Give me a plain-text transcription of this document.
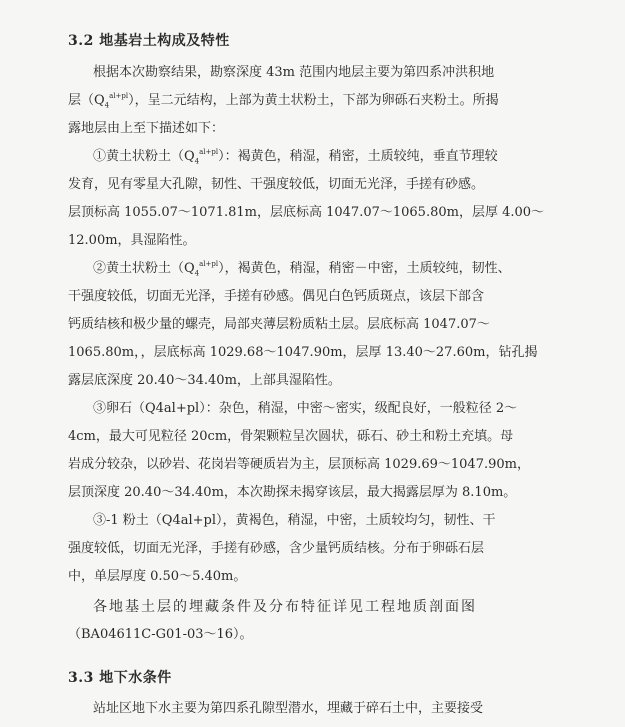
3.2 地基岩土构成及特性
根据本次勘察结果，勘察深度 43m 范围内地层主要为第四系冲洪积地
层$(Q_4^{al+pl})$，呈二元结构，上部为黄土状粉土，下部为卵砾石夹粉土。所揭
露地层由上至下描述如下：
①黄土状粉土$(Q_4^{al+pl})$：褐黄色，稍湿，稍密，土质较纯，垂直节理较
发育，见有零星大孔隙，韧性、干强度较低，切面无光泽，手搓有砂感。
层顶标高 1055.07～1071.81m，层底标高 1047.07～1065.80m，层厚 4.00～
12.00m，具湿陷性。
②黄土状粉土$(Q_4^{al+pl})$，褐黄色，稍湿，稍密－中密，土质较纯，韧性、
干强度较低，切面无光泽，手搓有砂感。偶见白色钙质斑点，该层下部含
钙质结核和极少量的螺壳，局部夹薄层粉质粘土层。层底标高 1047.07～
1065.80m，，层底标高 1029.68～1047.90m，层厚 13.40～27.60m，钻孔揭
露层底深度 20.40～34.40m，上部具湿陷性。
③卵石（Q4al+pl）：杂色，稍湿，中密～密实，级配良好，一般粒径 2～
4cm，最大可见粒径 20cm，骨架颗粒呈次圆状，砾石、砂土和粉土充填。母
岩成分较杂，以砂岩、花岗岩等硬质岩为主，层顶标高 1029.69～1047.90m，
层顶深度 20.40～34.40m，本次勘探未揭穿该层，最大揭露层厚为 8.10m。
③-1 粉土（Q4al+pl），黄褐色，稍湿，中密，土质较均匀，韧性、干
强度较低，切面无光泽，手搓有砂感，含少量钙质结核。分布于卵砾石层
中，单层厚度 0.50～5.40m。
各地基土层的埋藏条件及分布特征详见工程地质剖面图
（BA04611C-G01-03～16）。
3.3 地下水条件
站址区地下水主要为第四系孔隙型潜水，埋藏于碎石土中，主要接受
